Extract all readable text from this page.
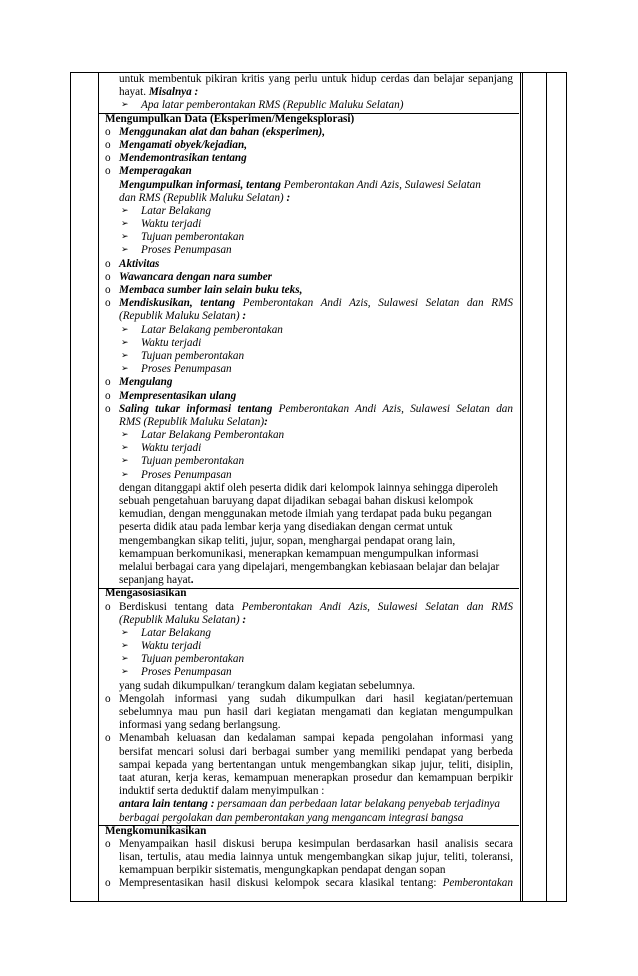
untuk membentuk pikiran kritis yang perlu untuk hidup cerdas dan belajar sepanjang
hayat. Misalnya :
➢ Apa latar pemberontakan RMS (Republic Maluku Selatan)
Mengumpulkan Data (Eksperimen/Mengeksplorasi)
o Menggunakan alat dan bahan (eksperimen),
o Mengamati obyek/kejadian,
o Mendemontrasikan tentang
o Memperagakan
Mengumpulkan informasi, tentang Pemberontakan Andi Azis, Sulawesi Selatan
dan RMS (Republik Maluku Selatan) :
➢ Latar Belakang
➢ Waktu terjadi
➢ Tujuan pemberontakan
➢ Proses Penumpasan
o Aktivitas
o Wawancara dengan nara sumber
o Membaca sumber lain selain buku teks,
o Mendiskusikan, tentang Pemberontakan Andi Azis, Sulawesi Selatan dan RMS
(Republik Maluku Selatan) :
➢ Latar Belakang pemberontakan
➢ Waktu terjadi
➢ Tujuan pemberontakan
➢ Proses Penumpasan
o Mengulang
o Mempresentasikan ulang
o Saling tukar informasi tentang Pemberontakan Andi Azis, Sulawesi Selatan dan
RMS (Republik Maluku Selatan):
➢ Latar Belakang Pemberontakan
➢ Waktu terjadi
➢ Tujuan pemberontakan
➢ Proses Penumpasan
dengan ditanggapi aktif oleh peserta didik dari kelompok lainnya sehingga diperoleh
sebuah pengetahuan baruyang dapat dijadikan sebagai bahan diskusi kelompok
kemudian, dengan menggunakan metode ilmiah yang terdapat pada buku pegangan
peserta didik atau pada lembar kerja yang disediakan dengan cermat untuk
mengembangkan sikap teliti, jujur, sopan, menghargai pendapat orang lain,
kemampuan berkomunikasi, menerapkan kemampuan mengumpulkan informasi
melalui berbagai cara yang dipelajari, mengembangkan kebiasaan belajar dan belajar
sepanjang hayat.
Mengasosiasikan
o Berdiskusi tentang data Pemberontakan Andi Azis, Sulawesi Selatan dan RMS
(Republik Maluku Selatan) :
➢ Latar Belakang
➢ Waktu terjadi
➢ Tujuan pemberontakan
➢ Proses Penumpasan
yang sudah dikumpulkan/ terangkum dalam kegiatan sebelumnya.
o Mengolah informasi yang sudah dikumpulkan dari hasil kegiatan/pertemuan
sebelumnya mau pun hasil dari kegiatan mengamati dan kegiatan mengumpulkan
informasi yang sedang berlangsung.
o Menambah keluasan dan kedalaman sampai kepada pengolahan informasi yang
bersifat mencari solusi dari berbagai sumber yang memiliki pendapat yang berbeda
sampai kepada yang bertentangan untuk mengembangkan sikap jujur, teliti, disiplin,
taat aturan, kerja keras, kemampuan menerapkan prosedur dan kemampuan berpikir
induktif serta deduktif dalam menyimpulkan :
antara lain tentang : persamaan dan perbedaan latar belakang penyebab terjadinya
berbagai pergolakan dan pemberontakan yang mengancam integrasi bangsa
Mengkomunikasikan
o Menyampaikan hasil diskusi berupa kesimpulan berdasarkan hasil analisis secara
lisan, tertulis, atau media lainnya untuk mengembangkan sikap jujur, teliti, toleransi,
kemampuan berpikir sistematis, mengungkapkan pendapat dengan sopan
o Mempresentasikan hasil diskusi kelompok secara klasikal tentang: Pemberontakan
